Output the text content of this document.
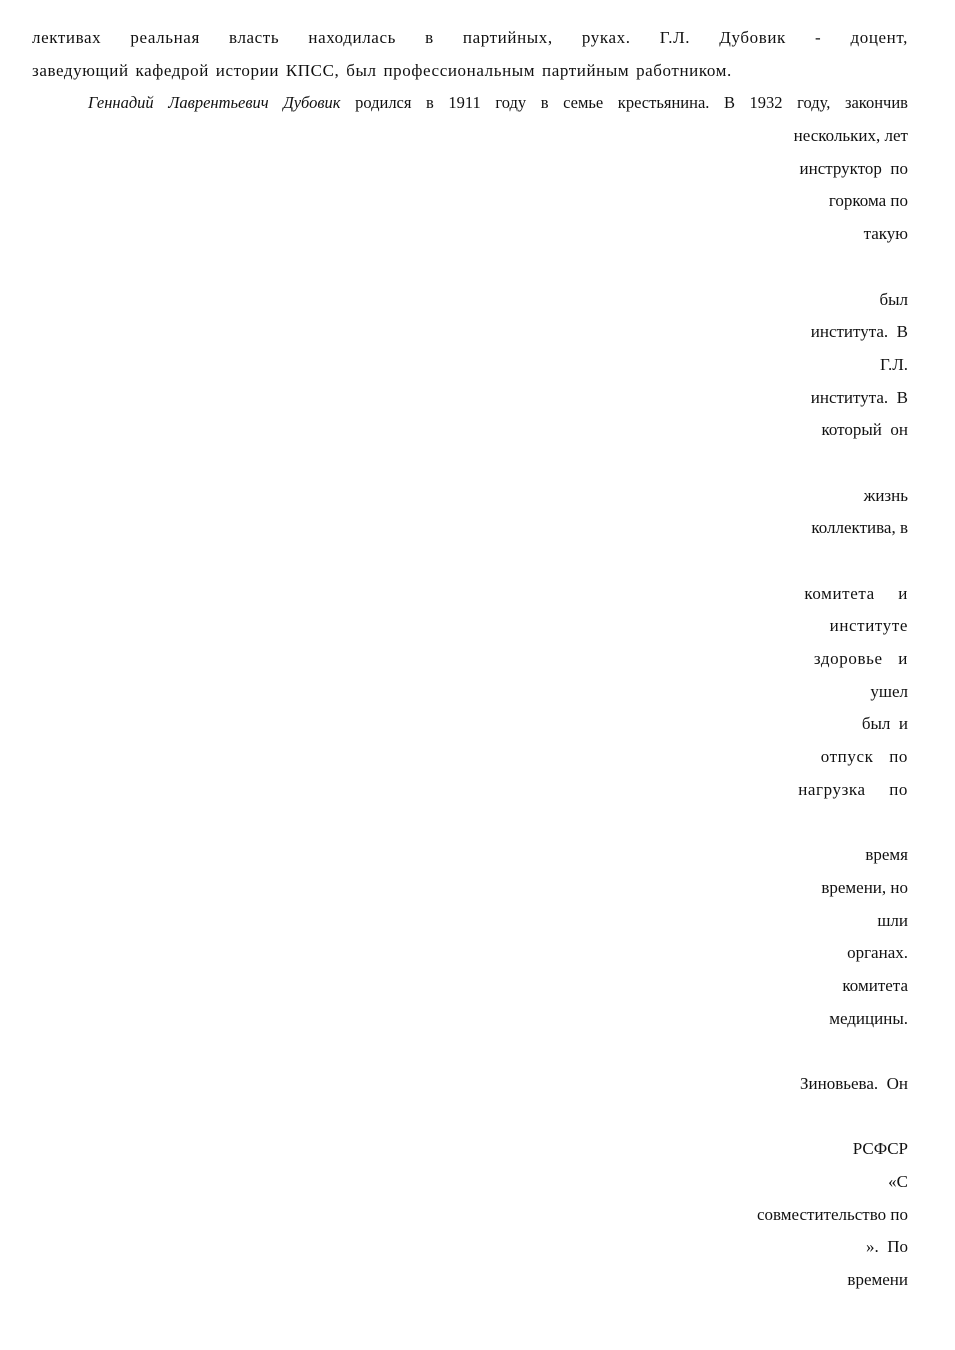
лективах реальная власть находилась в партийных, руках. Г.Л. Дубовик - доцент,
заведующий кафедрой истории КПСС, был профессиональным партийным работником.
Геннадий Лаврентьевич Дубовик родился в 1911 году в семье крестьянина. В 1932 году, закончив
нескольких, лет
инструктор  по
горкома по
такую
был
института.  В
Г.Л.
института.  В
который  он
жизнь
коллектива, в
комитета   и
институте
здоровье  и
ушел
был  и
отпуск  по
нагрузка   по
время
времени, но
шли
органах.
комитета
медицины.
Зиновьева.  Он
РСФСР
«С
совместительство по
».  По
времени
